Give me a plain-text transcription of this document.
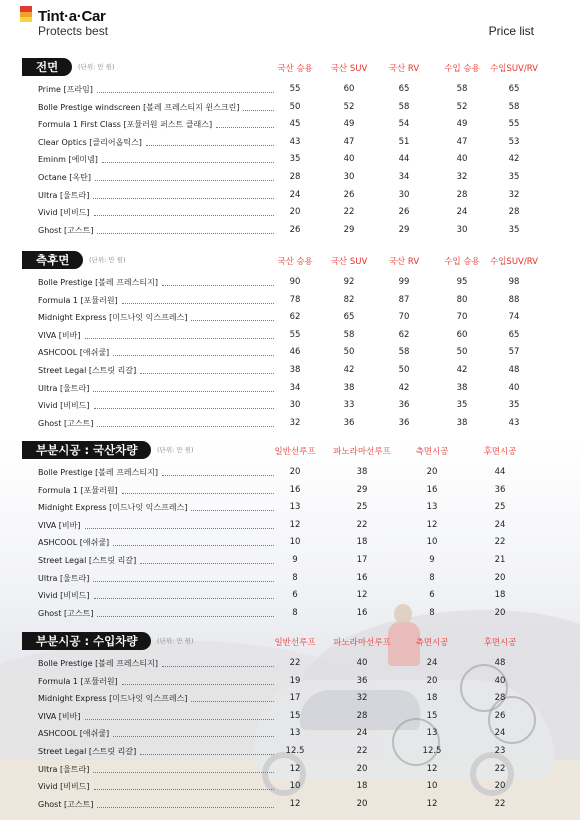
Tint·a·Car
Protects best	Price list
전면	(단위: 만 원)	국산 승용 국산 SUV	국산 RV	수입 승용 수입SUV/RV
Prime [프라임]	55	60	65	58	65
Bolle Prestige windscreen [볼레 프레스티지 윈스크린]	50	52	58	52	58
Formula 1 First Class [포뮬러원 퍼스트 클래스]	45	49	54	49	55
Clear Optics [클리어옵틱스]	43	47	51	47	53
Eminm [에미넴]	35	40	44	40	42
Octane [옥탄]	28	30	34	32	35
Ultra [울트라]	24	26	30	28	32
Vivid [비비드]	20	22	26	24	28
Ghost [고스트]	26	29	29	30	35
측후면	(단위: 만 원)	국산 승용 국산 SUV	국산 RV	수입 승용 수입SUV/RV
Bolle Prestige [볼레 프레스티지]	90	92	99	95	98
Formula 1 [포뮬러원]	78	82	87	80	88
Midnight Express [미드나잇 익스프레스]	62	65	70	70	74
VIVA [비바]	55	58	62	60	65
ASHCOOL [애쉬쿨]	46	50	58	50	57
Street Legal [스트릿 리갈]	38	42	50	42	48
Ultra [울트라]	34	38	42	38	40
Vivid [비비드]	30	33	36	35	35
Ghost [고스트]	32	36	36	38	43
부분시공 : 국산차량	(단위: 만 원)	일반선루프 파노라마선루프	측면시공	후면시공
Bolle Prestige [볼레 프레스티지]	20	38	20	44
Formula 1 [포뮬러원]	16	29	16	36
Midnight Express [미드나잇 익스프레스]	13	25	13	25
VIVA [비바]	12	22	12	24
ASHCOOL [애쉬쿨]	10	18	10	22
Street Legal [스트릿 리갈]	9	17	9	21
Ultra [울트라]	8	16	8	20
Vivid [비비드]	6	12	6	18
Ghost [고스트]	8	16	8	20
부분시공 : 수입차량	(단위: 만 원)	일반선루프 파노라마선루프	측면시공	후면시공
Bolle Prestige [볼레 프레스티지]	22	40	24	48
Formula 1 [포뮬러원]	19	36	20	40
Midnight Express [미드나잇 익스프레스]	17	32	18	28
VIVA [비바]	15	28	15	26
ASHCOOL [애쉬쿨]	13	24	13	24
Street Legal [스트릿 리갈]	12.5	22	12.5	23
Ultra [울트라]	12	20	12	22
Vivid [비비드]	10	18	10	20
Ghost [고스트]	12	20	12	22
